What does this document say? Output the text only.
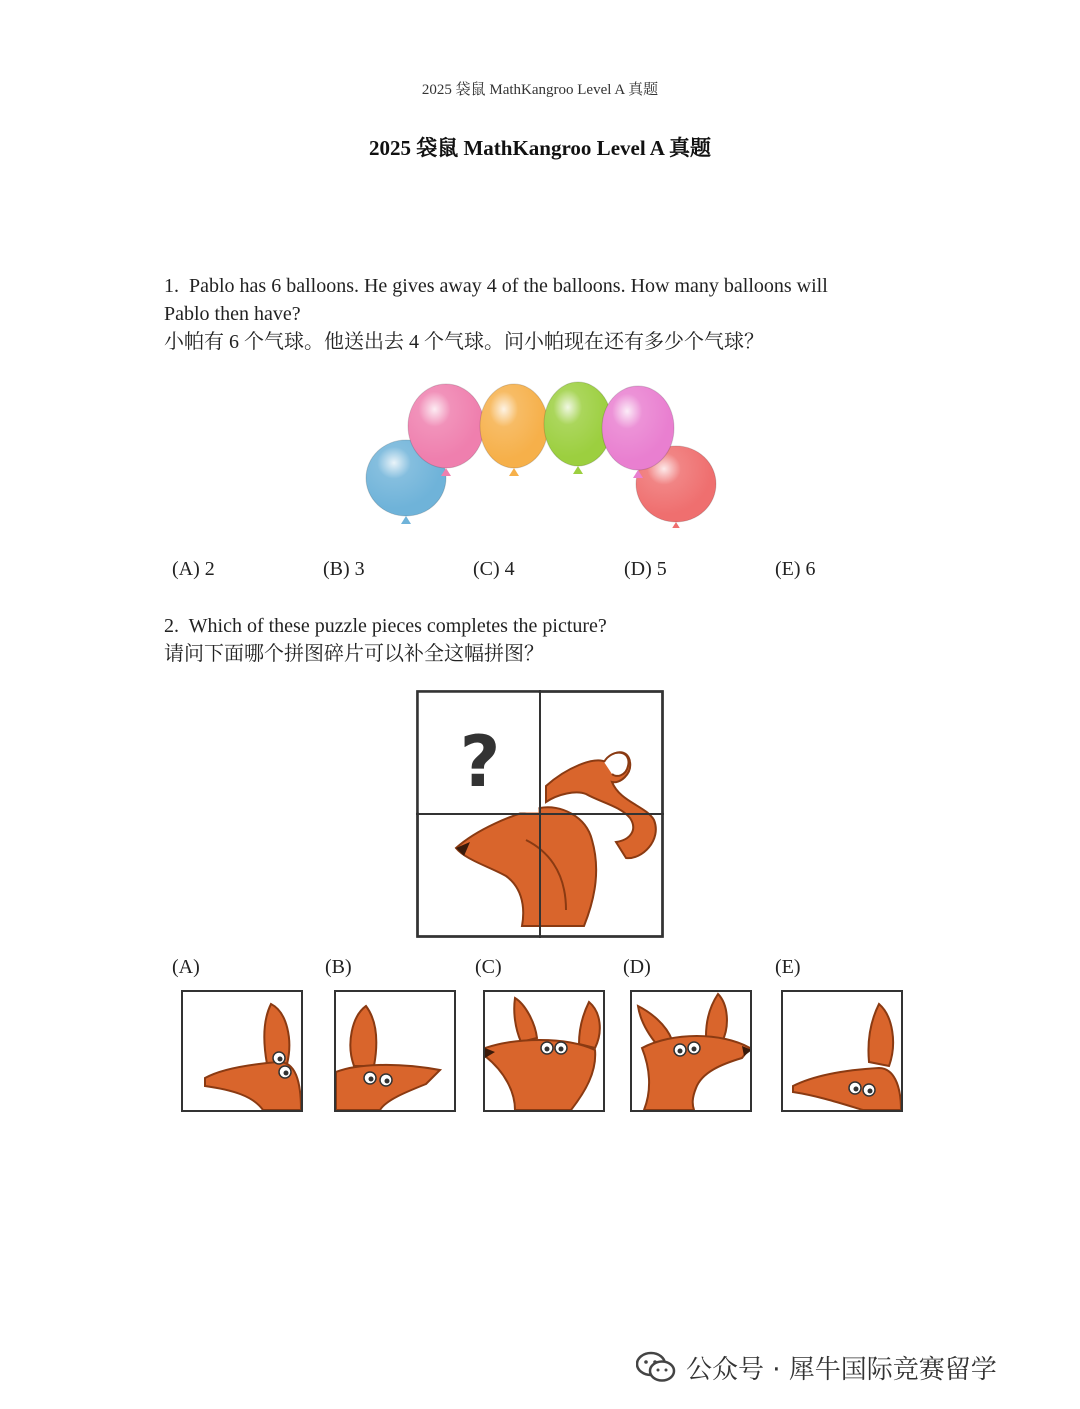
2025 袋鼠 MathKangroo Level A 真题
2025 袋鼠 MathKangroo Level A 真题
1. Pablo has 6 balloons. He gives away 4 of the balloons. How many balloons will
Pablo then have?
小帕有 6 个气球。他送出去 4 个气球。问小帕现在还有多少个气球？
(A) 2	(B) 3	(C) 4	(D) 5	(E) 6
2. Which of these puzzle pieces completes the picture?
请问下面哪个拼图碎片可以补全这幅拼图？
?
(A)	(B)	(C)	(D)	(E)
公众号 · 犀牛国际竞赛留学
